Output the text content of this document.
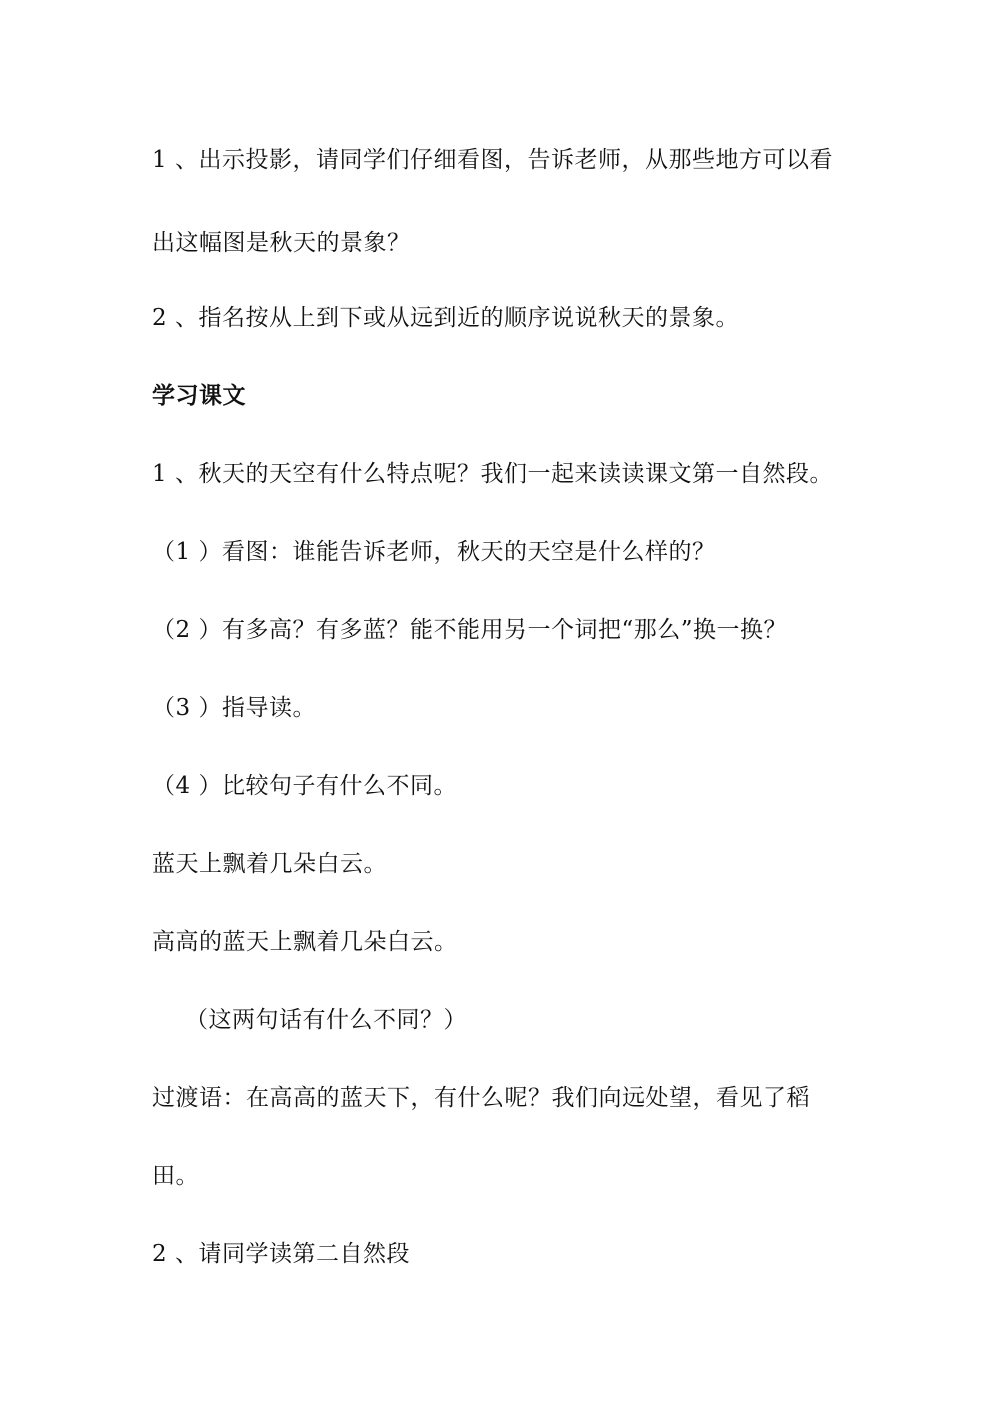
1 、出示投影，请同学们仔细看图，告诉老师，从那些地方可以看
出这幅图是秋天的景象？
2 、指名按从上到下或从远到近的顺序说说秋天的景象。
学习课文
1 、秋天的天空有什么特点呢？我们一起来读读课文第一自然段。
（1 ）看图：谁能告诉老师，秋天的天空是什么样的？
（2 ）有多高？有多蓝？能不能用另一个词把“那么”换一换？
（3 ）指导读。
（4 ）比较句子有什么不同。
蓝天上飘着几朵白云。
高高的蓝天上飘着几朵白云。
（这两句话有什么不同？）
过渡语：在高高的蓝天下，有什么呢？我们向远处望，看见了稻
田。
2 、请同学读第二自然段
